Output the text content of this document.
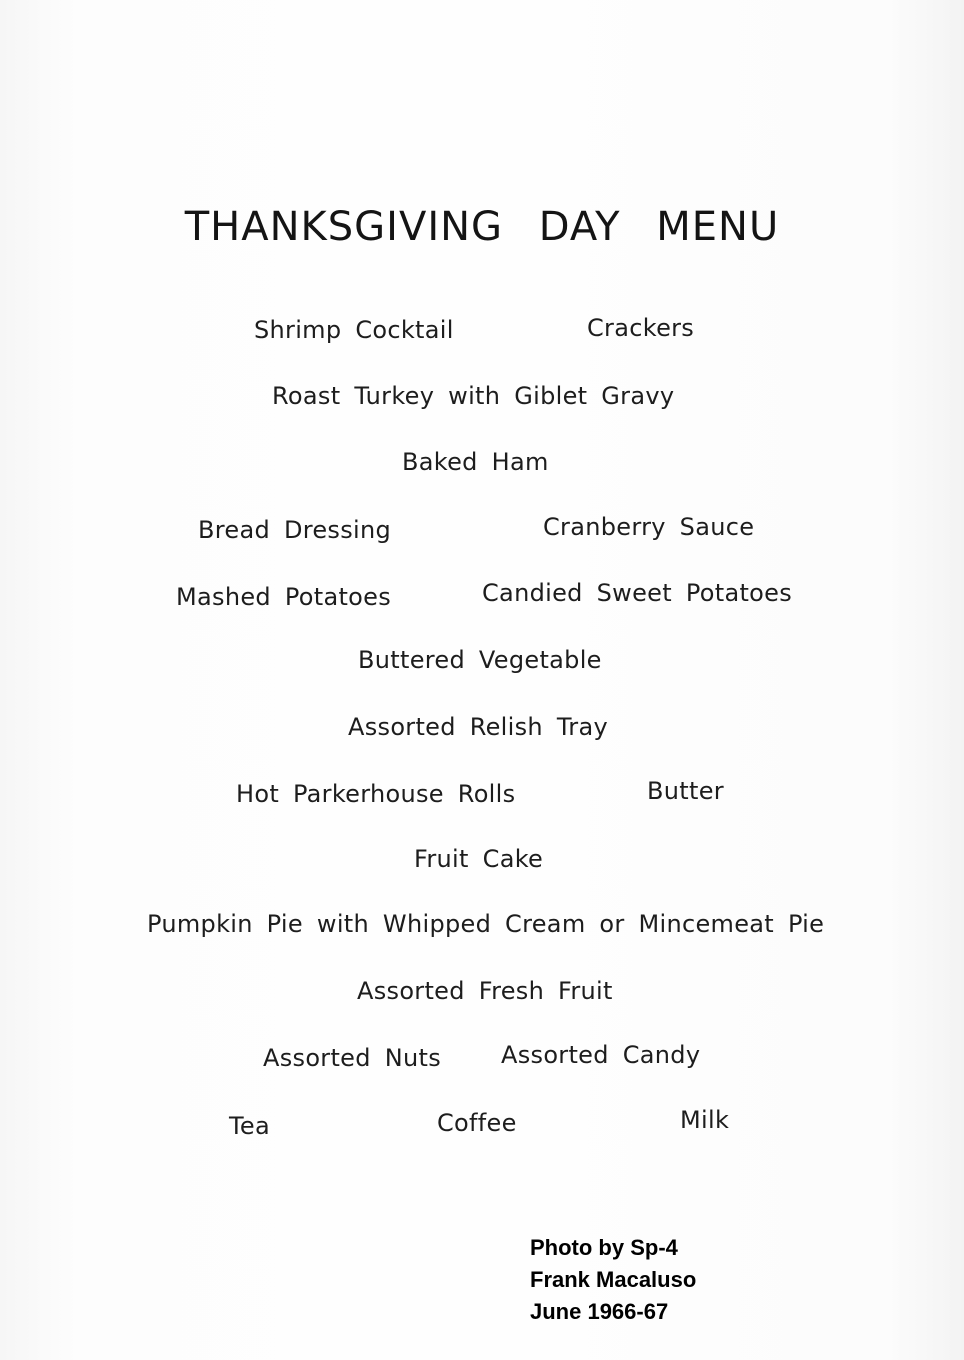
THANKSGIVING DAY MENU
Shrimp Cocktail	Crackers
Roast Turkey with Giblet Gravy
Baked Ham
Bread Dressing	Cranberry Sauce
Mashed Potatoes	Candied Sweet Potatoes
Buttered Vegetable
Assorted Relish Tray
Hot Parkerhouse Rolls	Butter
Fruit Cake
Pumpkin Pie with Whipped Cream or Mincemeat Pie
Assorted Fresh Fruit
Assorted Nuts	Assorted Candy
Tea	Coffee	Milk
Photo by Sp-4
Frank Macaluso
June 1966-67
